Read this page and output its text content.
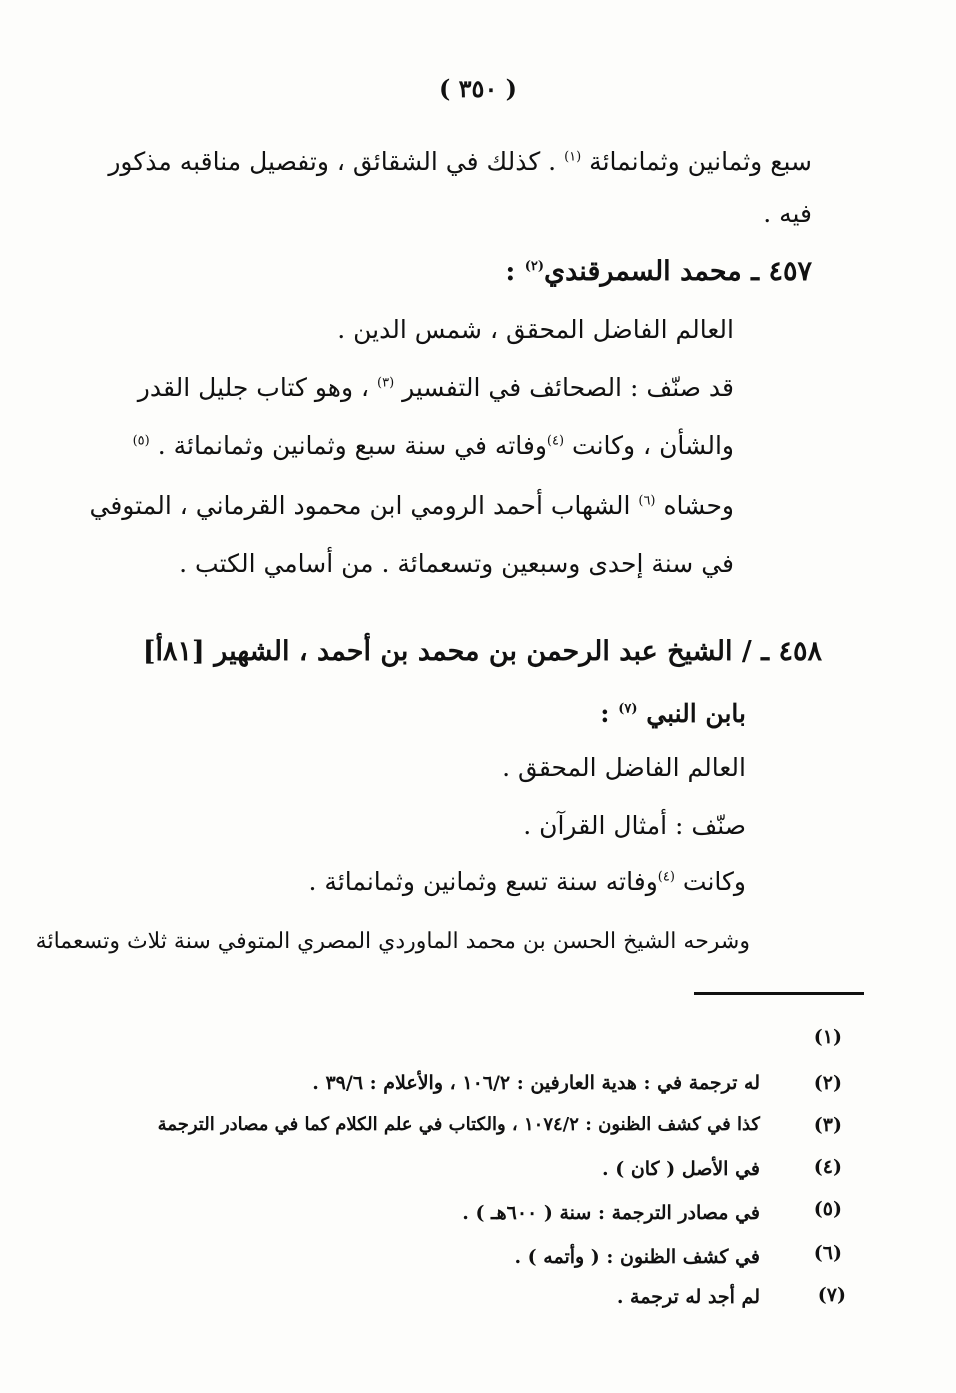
( ٣٥٠ )
سبع وثمانين وثمانمائة $^{(١)}$ . كذلك في الشقائق ، وتفصيل مناقبه مذكور
فيه .
٤٥٧ ـ محمد السمرقندي$^{(٢)}$ :
العالم الفاضل المحقق ، شمس الدين .
قد صنّف : الصحائف في التفسير $^{(٣)}$ ، وهو كتاب جليل القدر
والشأن ، وكانت $^{(٤)}$وفاته في سنة سبع وثمانين وثمانمائة . $^{(٥)}$
وحشاه $^{(٦)}$ الشهاب أحمد الرومي ابن محمود القرماني ، المتوفي
في سنة إحدى وسبعين وتسعمائة . من أسامي الكتب .
٤٥٨ ـ / الشيخ عبد الرحمن بن محمد بن أحمد ، الشهير [٨١أ]
بابن النبي $^{(٧)}$ :
العالم الفاضل المحقق .
صنّف : أمثال القرآن .
وكانت $^{(٤)}$وفاته سنة تسع وثمانين وثمانمائة .
وشرحه الشيخ الحسن بن محمد الماوردي المصري المتوفي سنة ثلاث وتسعمائة
(١)
(٢)
له ترجمة في : هدية العارفين : ١٠٦/٢ ، والأعلام : ٣٩/٦ .
(٣)
كذا في كشف الظنون : ١٠٧٤/٢ ، والكتاب في علم الكلام كما في مصادر الترجمة
(٤)
في الأصل ( كان ) .
(٥)
في مصادر الترجمة : سنة ( ٦٠٠هـ ) .
(٦)
في كشف الظنون : ( وأتمه ) .
(٧)
لم أجد له ترجمة .
